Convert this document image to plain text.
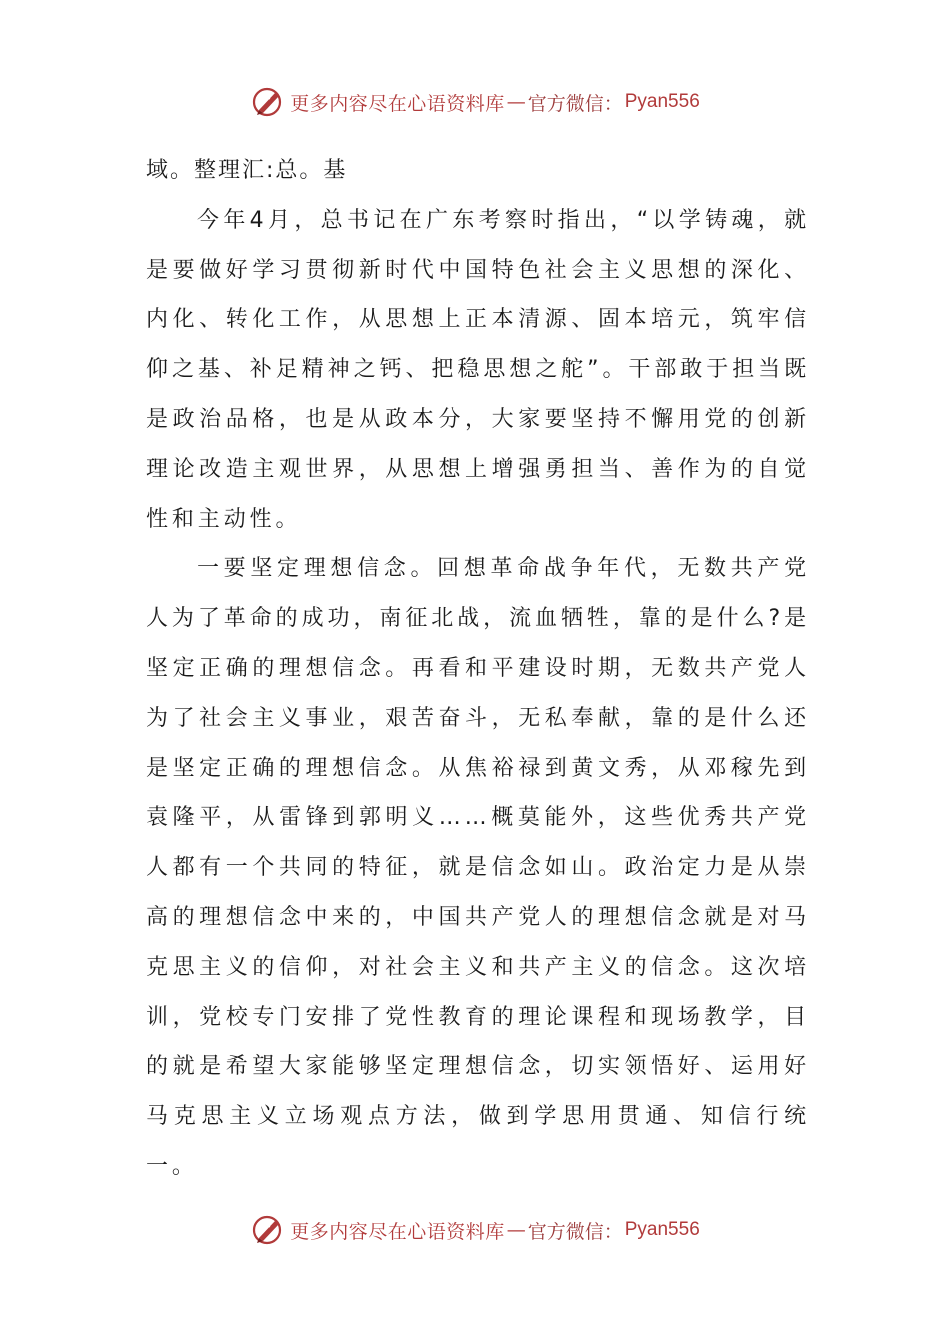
更多内容尽在心语资料库 — 官方微信： Pyan556

域。整理汇:总。基

今年4月，总书记在广东考察时指出，“以学铸魂，就是要做好学习贯彻新时代中国特色社会主义思想的深化、内化、转化工作，从思想上正本清源、固本培元，筑牢信仰之基、补足精神之钙、把稳思想之舵”。干部敢于担当既是政治品格，也是从政本分，大家要坚持不懈用党的创新理论改造主观世界，从思想上增强勇担当、善作为的自觉性和主动性。

一要坚定理想信念。回想革命战争年代，无数共产党人为了革命的成功，南征北战，流血牺牲，靠的是什么?是坚定正确的理想信念。再看和平建设时期，无数共产党人为了社会主义事业，艰苦奋斗，无私奉献，靠的是什么还是坚定正确的理想信念。从焦裕禄到黄文秀，从邓稼先到袁隆平，从雷锋到郭明义……概莫能外，这些优秀共产党人都有一个共同的特征，就是信念如山。政治定力是从崇高的理想信念中来的，中国共产党人的理想信念就是对马克思主义的信仰，对社会主义和共产主义的信念。这次培训，党校专门安排了党性教育的理论课程和现场教学，目的就是希望大家能够坚定理想信念，切实领悟好、运用好马克思主义立场观点方法，做到学思用贯通、知信行统一。

更多内容尽在心语资料库 — 官方微信： Pyan556
